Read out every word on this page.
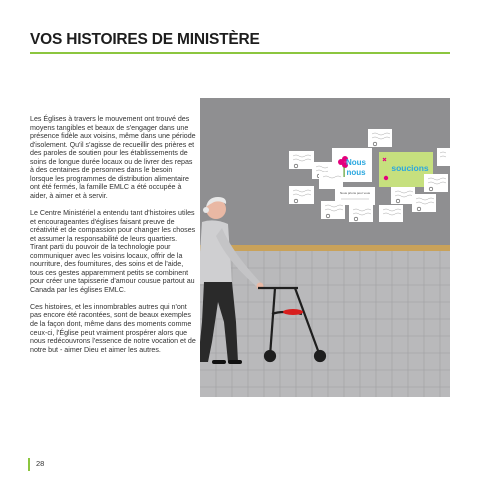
VOS HISTOIRES DE MINISTÈRE

Les Églises à travers le mouvement ont trouvé des moyens tangibles et beaux de s'engager dans une présence fidèle aux voisins, même dans une période d'isolement. Qu'il s'agisse de recueillir des prières et des paroles de soutien pour les établissements de soins de longue durée locaux ou de livrer des repas à des centaines de personnes dans le besoin lorsque les programmes de distribution alimentaire ont été fermés, la famille EMLC a été occupée à aider, à aimer et à servir.

Le Centre Ministériel a entendu tant d'histoires utiles et encourageantes d'églises faisant preuve de créativité et de compassion pour changer les choses et assumer la responsabilité de leurs quartiers. Tirant parti du pouvoir de la technologie pour communiquer avec les voisins locaux, offrir de la nourriture, des fournitures, des soins et de l'aide, tous ces gestes apparemment petits se combinent pour créer une tapisserie d'amour cousue partout au Canada par les églises EMLC.

Ces histoires, et les innombrables autres qui n'ont pas encore été racontées, sont de beaux exemples de la façon dont, même dans des moments comme ceux-ci, l'Église peut vraiment prospérer alors que nous redécouvrons l'essence de notre vocation et de notre but - aimer Dieu et aimer les autres.

Nous
nous	soucions
Nous prions pour vous
28
